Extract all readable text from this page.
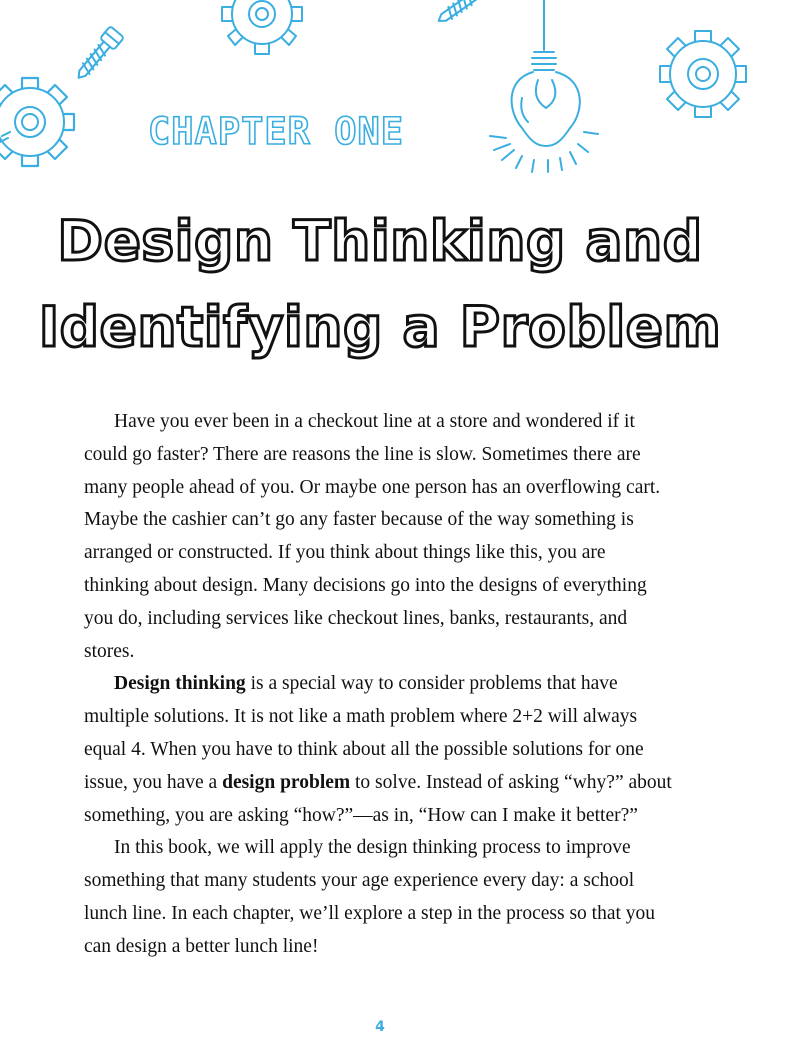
CHAPTER ONE
Design Thinking and
Identifying a Problem

Have you ever been in a checkout line at a store and wondered if it could go faster? There are reasons the line is slow. Sometimes there are many people ahead of you. Or maybe one person has an overflowing cart. Maybe the cashier can’t go any faster because of the way something is arranged or constructed. If you think about things like this, you are thinking about design. Many decisions go into the designs of everything you do, including services like checkout lines, banks, restaurants, and stores.

Design thinking is a special way to consider problems that have multiple solutions. It is not like a math problem where 2+2 will always equal 4. When you have to think about all the possible solutions for one issue, you have a design problem to solve. Instead of asking “why?” about something, you are asking “how?”—as in, “How can I make it better?”

In this book, we will apply the design thinking process to improve something that many students your age experience every day: a school lunch line. In each chapter, we’ll explore a step in the process so that you can design a better lunch line!

4
